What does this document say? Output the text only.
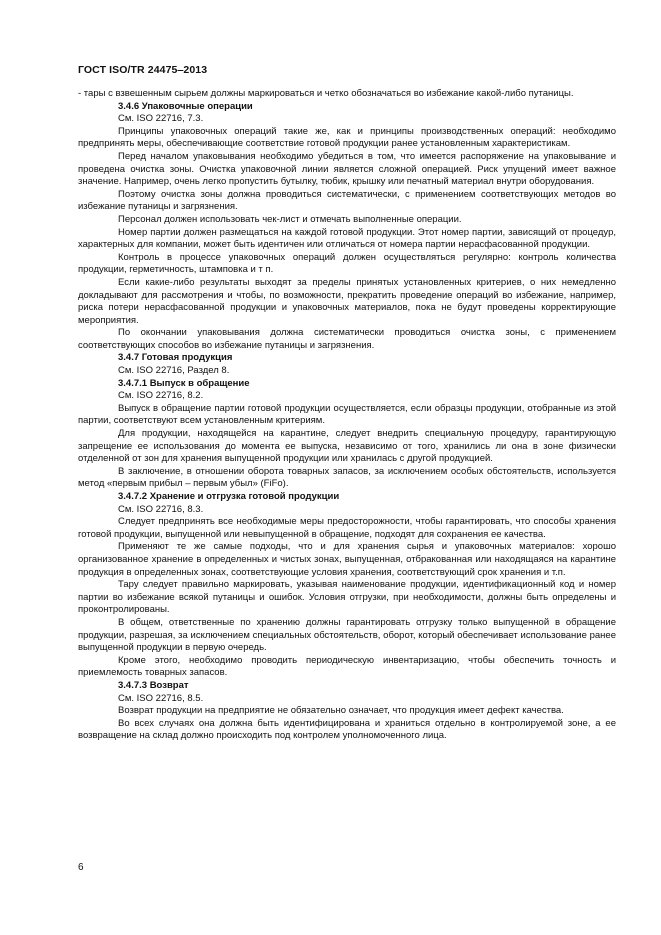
ГОСТ ISO/TR 24475‒2013

- тары с взвешенным сырьем должны маркироваться и четко обозначаться во избежание какой-либо путаницы.

3.4.6 Упаковочные операции

См. ISO 22716, 7.3.

Принципы упаковочных операций такие же, как и принципы производственных операций: необходимо предпринять меры, обеспечивающие соответствие готовой продукции ранее установленным характеристикам.

Перед началом упаковывания необходимо убедиться в том, что имеется распоряжение на упаковывание и проведена очистка зоны. Очистка упаковочной линии является сложной операцией. Риск упущений имеет важное значение. Например, очень легко пропустить бутылку, тюбик, крышку или печатный материал внутри оборудования.

Поэтому очистка зоны должна проводиться систематически, с применением соответствующих методов во избежание путаницы и загрязнения.

Персонал должен использовать чек-лист и отмечать выполненные операции.

Номер партии должен размещаться на каждой готовой продукции. Этот номер партии, зависящий от процедур, характерных для компании, может быть идентичен или отличаться от номера партии нерасфасованной продукции.

Контроль в процессе упаковочных операций должен осуществляться регулярно: контроль количества продукции, герметичность, штамповка и т п.

Если какие-либо результаты выходят за пределы принятых установленных критериев, о них немедленно докладывают для рассмотрения и чтобы, по возможности, прекратить проведение операций во избежание, например, риска потери нерасфасованной продукции и упаковочных материалов, пока не будут проведены корректирующие мероприятия.

По окончании упаковывания должна систематически проводиться очистка зоны, с применением соответствующих способов во избежание путаницы и загрязнения.

3.4.7 Готовая продукция

См. ISO 22716, Раздел 8.

3.4.7.1 Выпуск в обращение

См. ISO 22716, 8.2.

Выпуск в обращение партии готовой продукции осуществляется, если образцы продукции, отобранные из этой партии, соответствуют всем установленным критериям.

Для продукции, находящейся на карантине, следует внедрить специальную процедуру, гарантирующую запрещение ее использования до момента ее выпуска, независимо от того, хранились ли она в зоне физически отделенной от зон для хранения выпущенной продукции или хранилась с другой продукцией.

В заключение, в отношении оборота товарных запасов, за исключением особых обстоятельств, используется метод «первым прибыл – первым убыл» (FiFo).

3.4.7.2 Хранение и отгрузка готовой продукции

См. ISO 22716, 8.3.

Следует предпринять все необходимые меры предосторожности, чтобы гарантировать, что способы хранения готовой продукции, выпущенной или невыпущенной в обращение, подходят для сохранения ее качества.

Применяют те же самые подходы, что и для хранения сырья и упаковочных материалов: хорошо организованное хранение в определенных и чистых зонах, выпущенная, отбракованная или находящаяся на карантине продукция в определенных зонах, соответствующие условия хранения, соответствующий срок хранения и т.п.

Тару следует правильно маркировать, указывая наименование продукции, идентификационный код и номер партии во избежание всякой путаницы и ошибок. Условия отгрузки, при необходимости, должны быть определены и проконтролированы.

В общем, ответственные по хранению должны гарантировать отгрузку только выпущенной в обращение продукции, разрешая, за исключением специальных обстоятельств, оборот, который обеспечивает использование ранее выпущенной продукции в первую очередь.

Кроме этого, необходимо проводить периодическую инвентаризацию, чтобы обеспечить точность и приемлемость товарных запасов.

3.4.7.3 Возврат

См. ISO 22716, 8.5.

Возврат продукции на предприятие не обязательно означает, что продукция имеет дефект качества.

Во всех случаях она должна быть идентифицирована и храниться отдельно в контролируемой зоне, а ее возвращение на склад должно происходить под контролем уполномоченного лица.

6
